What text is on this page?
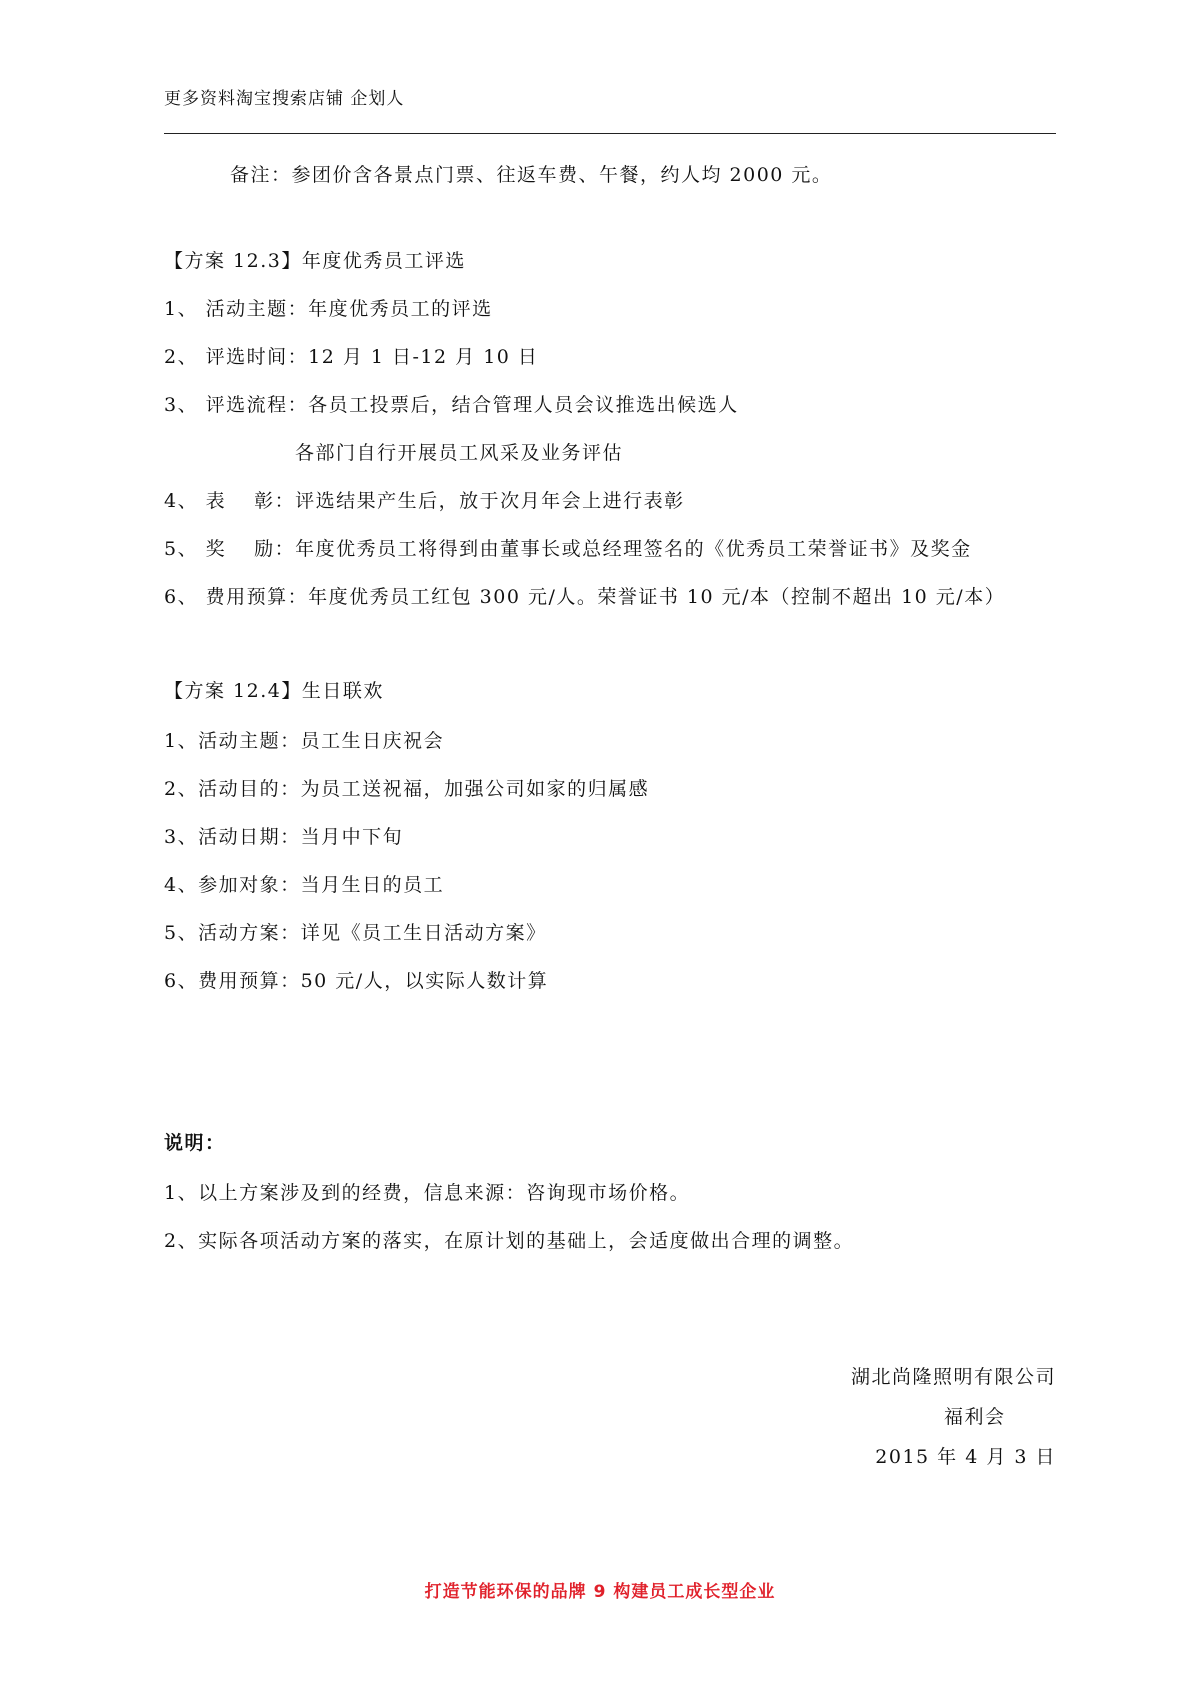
更多资料淘宝搜索店铺 企划人
备注：参团价含各景点门票、往返车费、午餐，约人均 2000 元。
【方案 12.3】年度优秀员工评选
1、 活动主题：年度优秀员工的评选
2、 评选时间：12 月 1 日-12 月 10 日
3、 评选流程：各员工投票后，结合管理人员会议推选出候选人
各部门自行开展员工风采及业务评估
4、 表　 彰：评选结果产生后，放于次月年会上进行表彰
5、 奖　 励：年度优秀员工将得到由董事长或总经理签名的《优秀员工荣誉证书》及奖金
6、 费用预算：年度优秀员工红包 300 元/人。荣誉证书 10 元/本（控制不超出 10 元/本）
【方案 12.4】生日联欢
1、活动主题：员工生日庆祝会
2、活动目的：为员工送祝福，加强公司如家的归属感
3、活动日期：当月中下旬
4、参加对象：当月生日的员工
5、活动方案：详见《员工生日活动方案》
6、费用预算：50 元/人，以实际人数计算
说明：
1、以上方案涉及到的经费，信息来源：咨询现市场价格。
2、实际各项活动方案的落实，在原计划的基础上，会适度做出合理的调整。
湖北尚隆照明有限公司
福利会
2015 年 4 月 3 日
打造节能环保的品牌 9 构建员工成长型企业
